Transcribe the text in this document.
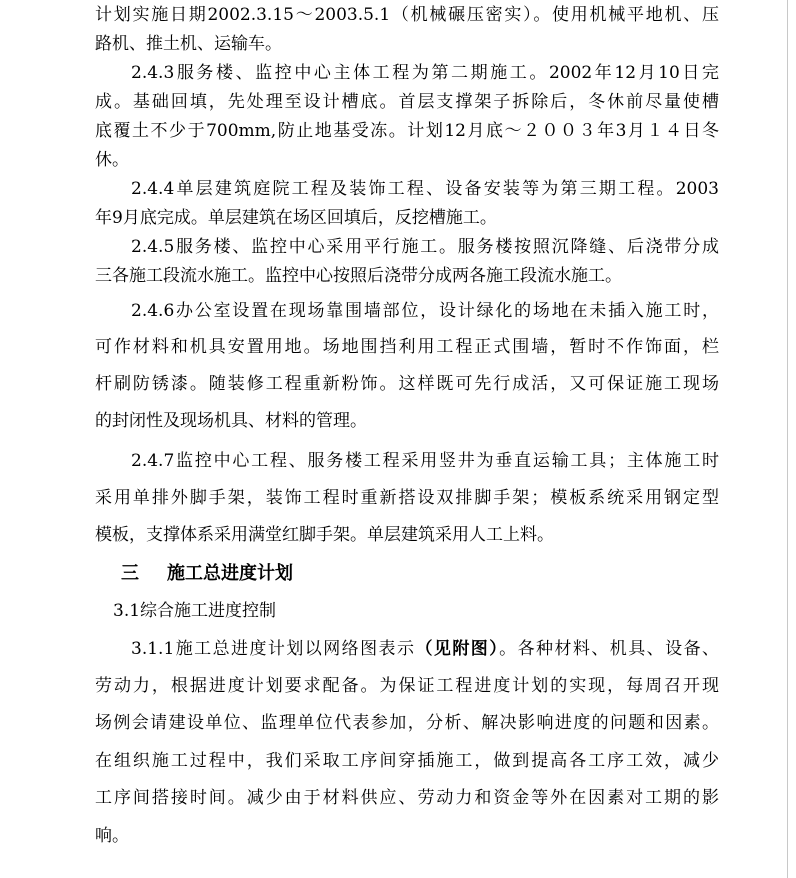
计划实施日期2002.3.15～2003.5.1（机械碾压密实）。使用机械平地机、压
路机、推土机、运输车。
2.4.3服务楼、监控中心主体工程为第二期施工。2002年12月10日完
成。基础回填，先处理至设计槽底。首层支撑架子拆除后，冬休前尽量使槽
底覆土不少于700mm,防止地基受冻。计划12月底～２００３年3月１４日冬
休。
2.4.4单层建筑庭院工程及装饰工程、设备安装等为第三期工程。2003
年9月底完成。单层建筑在场区回填后，反挖槽施工。
2.4.5服务楼、监控中心采用平行施工。服务楼按照沉降缝、后浇带分成
三各施工段流水施工。监控中心按照后浇带分成两各施工段流水施工。
2.4.6办公室设置在现场靠围墙部位，设计绿化的场地在未插入施工时，
可作材料和机具安置用地。场地围挡利用工程正式围墙，暂时不作饰面，栏
杆刷防锈漆。随装修工程重新粉饰。这样既可先行成活，又可保证施工现场
的封闭性及现场机具、材料的管理。
2.4.7监控中心工程、服务楼工程采用竖井为垂直运输工具；主体施工时
采用单排外脚手架，装饰工程时重新搭设双排脚手架；模板系统采用钢定型
模板，支撑体系采用满堂红脚手架。单层建筑采用人工上料。
三 施工总进度计划
3.1综合施工进度控制
3.1.1施工总进度计划以网络图表示（见附图）。各种材料、机具、设备、
劳动力，根据进度计划要求配备。为保证工程进度计划的实现，每周召开现
场例会请建设单位、监理单位代表参加，分析、解决影响进度的问题和因素。
在组织施工过程中，我们采取工序间穿插施工，做到提高各工序工效，减少
工序间搭接时间。减少由于材料供应、劳动力和资金等外在因素对工期的影
响。
